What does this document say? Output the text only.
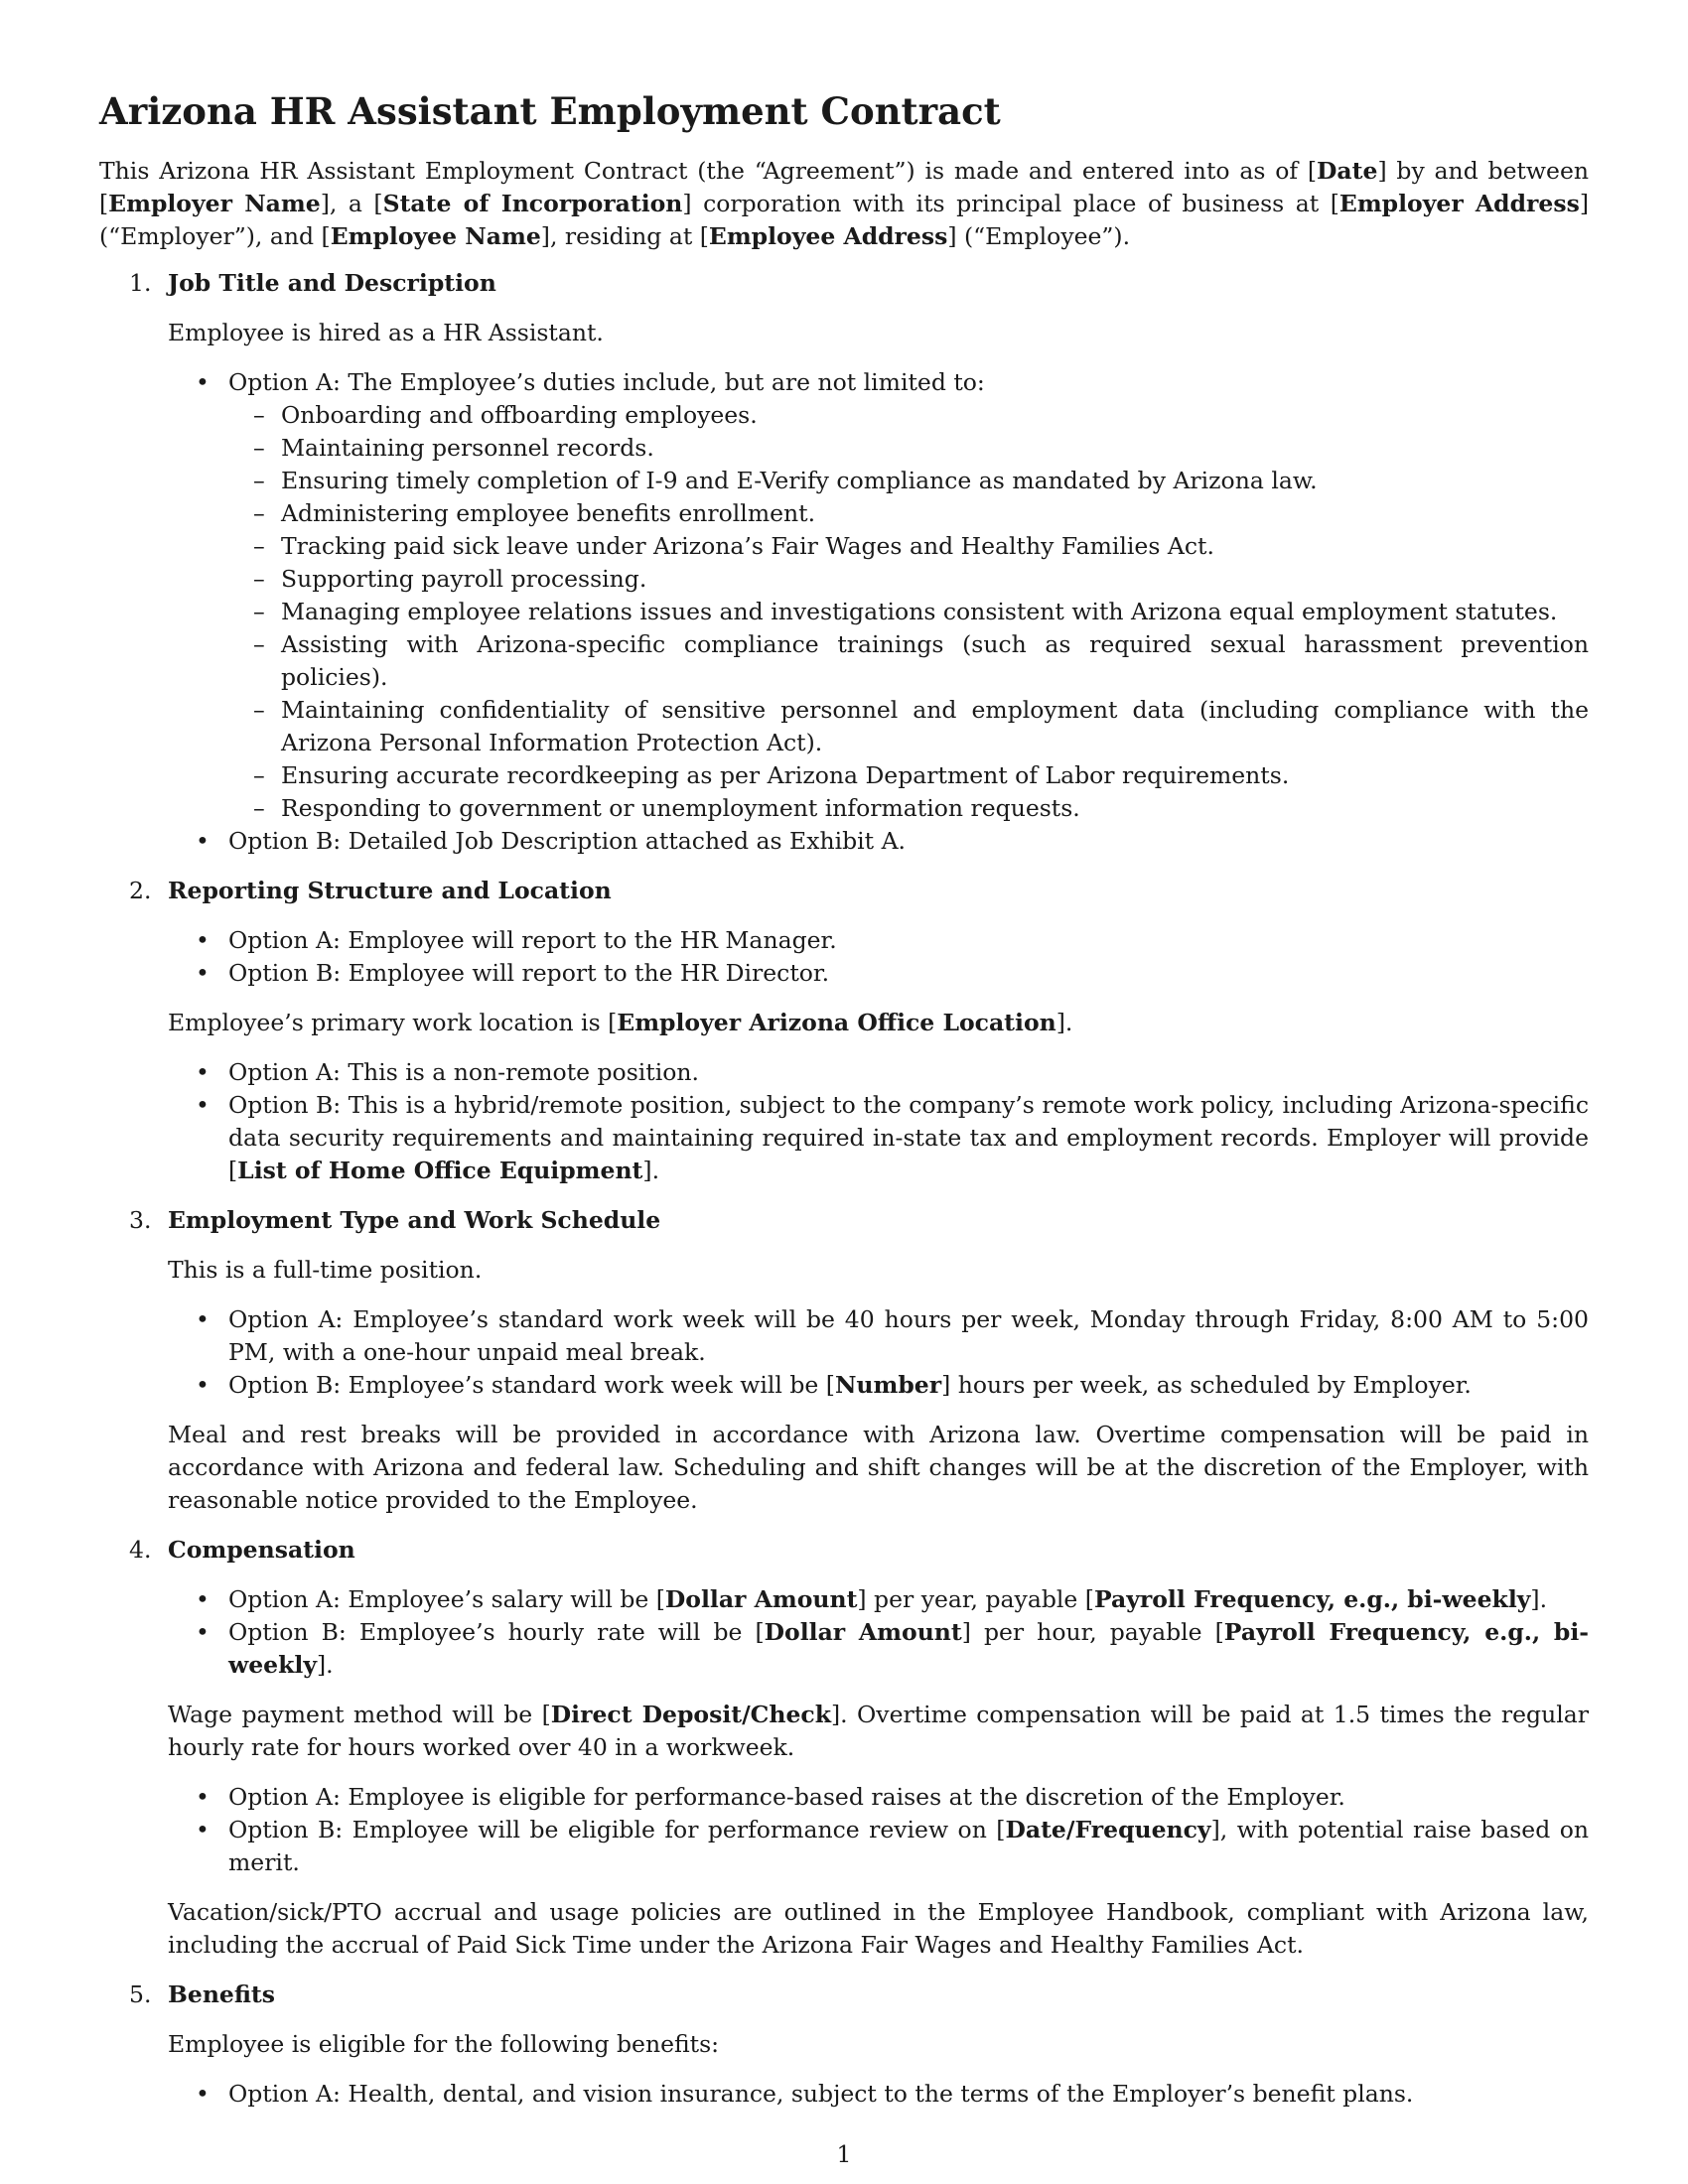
Arizona HR Assistant Employment Contract

This Arizona HR Assistant Employment Contract (the “Agreement”) is made and entered into as of [Date] by and between [Employer Name], a [State of Incorporation] corporation with its principal place of business at [Employer Address] (“Employer”), and [Employee Name], residing at [Employee Address] (“Employee”).

1. Job Title and Description

Employee is hired as a HR Assistant.

• Option A: The Employee’s duties include, but are not limited to:
– Onboarding and offboarding employees.
– Maintaining personnel records.
– Ensuring timely completion of I-9 and E-Verify compliance as mandated by Arizona law.
– Administering employee benefits enrollment.
– Tracking paid sick leave under Arizona’s Fair Wages and Healthy Families Act.
– Supporting payroll processing.
– Managing employee relations issues and investigations consistent with Arizona equal employment statutes.
– Assisting with Arizona-specific compliance trainings (such as required sexual harassment prevention policies).
– Maintaining confidentiality of sensitive personnel and employment data (including compliance with the Arizona Personal Information Protection Act).
– Ensuring accurate recordkeeping as per Arizona Department of Labor requirements.
– Responding to government or unemployment information requests.
• Option B: Detailed Job Description attached as Exhibit A.
2. Reporting Structure and Location
• Option A: Employee will report to the HR Manager.
• Option B: Employee will report to the HR Director.

Employee’s primary work location is [Employer Arizona Office Location].

• Option A: This is a non-remote position.
• Option B: This is a hybrid/remote position, subject to the company’s remote work policy, including Arizona-specific data security requirements and maintaining required in-state tax and employment records. Employer will provide [List of Home Office Equipment].
3. Employment Type and Work Schedule

This is a full-time position.

• Option A: Employee’s standard work week will be 40 hours per week, Monday through Friday, 8:00 AM to 5:00 PM, with a one-hour unpaid meal break.
• Option B: Employee’s standard work week will be [Number] hours per week, as scheduled by Employer.

Meal and rest breaks will be provided in accordance with Arizona law. Overtime compensation will be paid in accordance with Arizona and federal law. Scheduling and shift changes will be at the discretion of the Employer, with reasonable notice provided to the Employee.

4. Compensation
• Option A: Employee’s salary will be [Dollar Amount] per year, payable [Payroll Frequency, e.g., bi-weekly].
• Option B: Employee’s hourly rate will be [Dollar Amount] per hour, payable [Payroll Frequency, e.g., bi-weekly].

Wage payment method will be [Direct Deposit/Check]. Overtime compensation will be paid at 1.5 times the regular hourly rate for hours worked over 40 in a workweek.

• Option A: Employee is eligible for performance-based raises at the discretion of the Employer.
• Option B: Employee will be eligible for performance review on [Date/Frequency], with potential raise based on merit.

Vacation/sick/PTO accrual and usage policies are outlined in the Employee Handbook, compliant with Arizona law, including the accrual of Paid Sick Time under the Arizona Fair Wages and Healthy Families Act.

5. Benefits

Employee is eligible for the following benefits:

• Option A: Health, dental, and vision insurance, subject to the terms of the Employer’s benefit plans.
1
